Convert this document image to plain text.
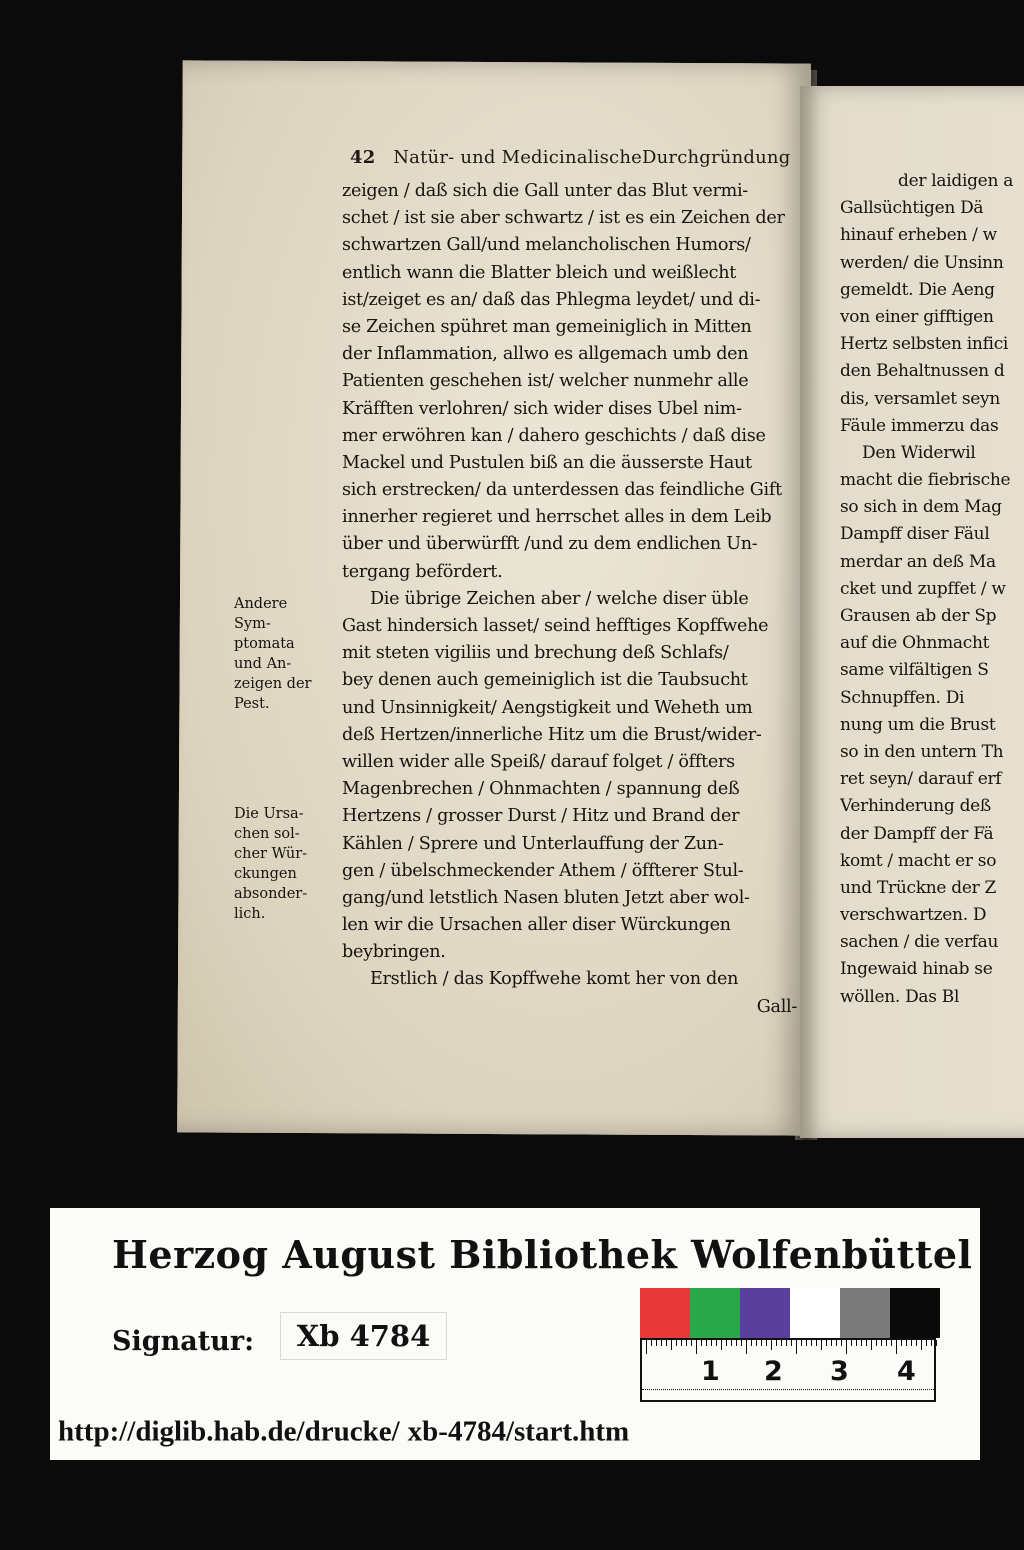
42 Natür- und MedicinalischeDurchgründung
zeigen / daß sich die Gall unter das Blut vermi-
schet / ist sie aber schwartz / ist es ein Zeichen der
schwartzen Gall/und melancholischen Humors/
entlich wann die Blatter bleich und weißlecht
ist/zeiget es an/ daß das Phlegma leydet/ und di-
se Zeichen spühret man gemeiniglich in Mitten
der Inflammation, allwo es allgemach umb den
Patienten geschehen ist/ welcher nunmehr alle
Kräfften verlohren/ sich wider dises Ubel nim-
mer erwöhren kan / dahero geschichts / daß dise
Mackel und Pustulen biß an die äusserste Haut
sich erstrecken/ da unterdessen das feindliche Gift
innerher regieret und herrschet alles in dem Leib
über und überwürfft /und zu dem endlichen Un-
tergang befördert.
Die übrige Zeichen aber / welche diser üble
Gast hindersich lasset/ seind hefftiges Kopffwehe
mit steten vigiliis und brechung deß Schlafs/
bey denen auch gemeiniglich ist die Taubsucht
und Unsinnigkeit/ Aengstigkeit und Weheth um
deß Hertzen/innerliche Hitz um die Brust/wider-
willen wider alle Speiß/ darauf folget / öffters
Magenbrechen / Ohnmachten / spannung deß
Hertzens / grosser Durst / Hitz und Brand der
Kählen / Sprere und Unterlauffung der Zun-
gen / übelschmeckender Athem / öffterer Stul-
gang/und letstlich Nasen bluten Jetzt aber wol-
len wir die Ursachen aller diser Würckungen
beybringen.
Erstlich / das Kopffwehe komt her von den
Gall-
Andere
Sym-
ptomata
und An-
zeigen der
Pest.
Die Ursa-
chen sol-
cher Wür-
ckungen
absonder-
lich.
der laidigen a
Gallsüchtigen Dä
hinauf erheben / w
werden/ die Unsinn
gemeldt. Die Aeng
von einer gifftigen
Hertz selbsten infici
den Behaltnussen d
dis, versamlet seyn
Fäule immerzu das
Den Widerwil
macht die fiebrische
so sich in dem Mag
Dampff diser Fäul
merdar an deß Ma
cket und zupffet / w
Grausen ab der Sp
auf die Ohnmacht
same vilfältigen S
Schnupffen. Di
nung um die Brust
so in den untern Th
ret seyn/ darauf erf
Verhinderung deß
der Dampff der Fä
komt / macht er so
und Trückne der Z
verschwartzen. D
sachen / die verfau
Ingewaid hinab se
wöllen. Das Bl
Herzog August Bibliothek Wolfenbüttel
Signatur:	Xb 4784
http://diglib.hab.de/drucke/ xb-4784/start.htm
1 2 3 4
